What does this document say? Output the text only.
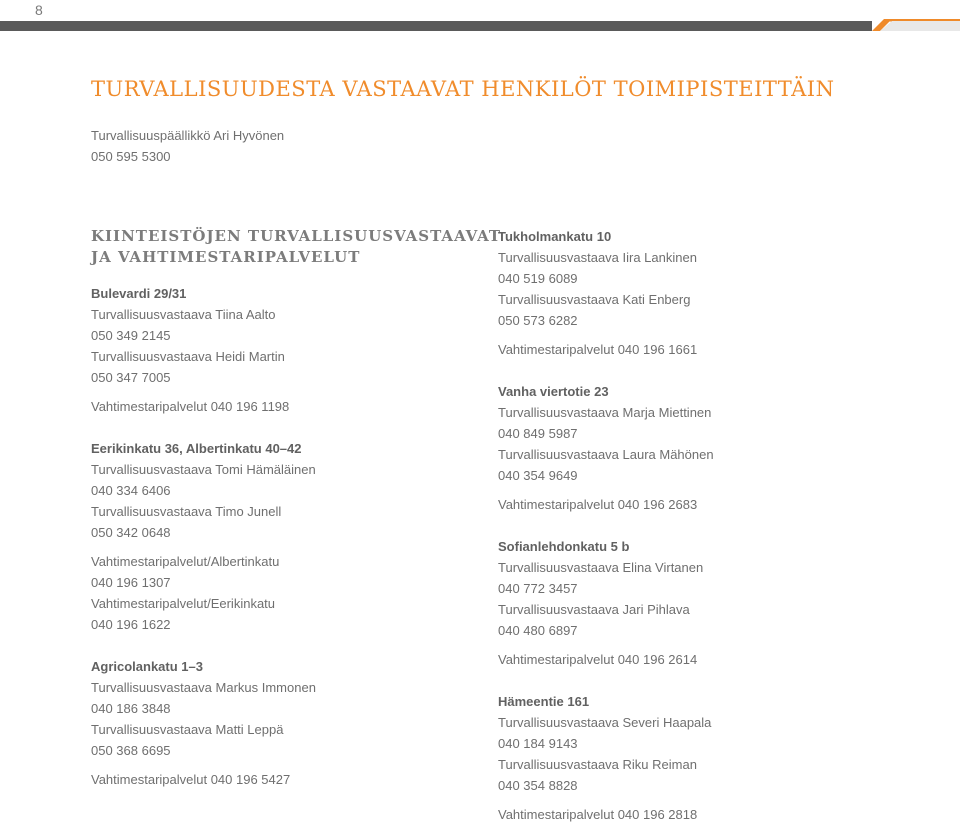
8
TURVALLISUUDESTA VASTAAVAT HENKILÖT TOIMIPISTEITTÄIN
Turvallisuuspäällikkö Ari Hyvönen
050 595 5300
KIINTEISTÖJEN TURVALLISUUSVASTAAVAT
JA VAHTIMESTARIPALVELUT
Bulevardi 29/31
Turvallisuusvastaava Tiina Aalto
050 349 2145
Turvallisuusvastaava Heidi Martin
050 347 7005
Vahtimestaripalvelut 040 196 1198
Eerikinkatu 36, Albertinkatu 40–42
Turvallisuusvastaava Tomi Hämäläinen
040 334 6406
Turvallisuusvastaava Timo Junell
050 342 0648
Vahtimestaripalvelut/Albertinkatu
040 196 1307
Vahtimestaripalvelut/Eerikinkatu
040 196 1622
Agricolankatu 1–3
Turvallisuusvastaava Markus Immonen
040 186 3848
Turvallisuusvastaava Matti Leppä
050 368 6695
Vahtimestaripalvelut 040 196 5427
Tukholmankatu 10
Turvallisuusvastaava Iira Lankinen
040 519 6089
Turvallisuusvastaava Kati Enberg
050 573 6282
Vahtimestaripalvelut 040 196 1661
Vanha viertotie 23
Turvallisuusvastaava Marja Miettinen
040 849 5987
Turvallisuusvastaava Laura Mähönen
040 354 9649
Vahtimestaripalvelut 040 196 2683
Sofianlehdonkatu 5 b
Turvallisuusvastaava Elina Virtanen
040 772 3457
Turvallisuusvastaava Jari Pihlava
040 480 6897
Vahtimestaripalvelut 040 196 2614
Hämeentie 161
Turvallisuusvastaava Severi Haapala
040 184 9143
Turvallisuusvastaava Riku Reiman
040 354 8828
Vahtimestaripalvelut 040 196 2818
